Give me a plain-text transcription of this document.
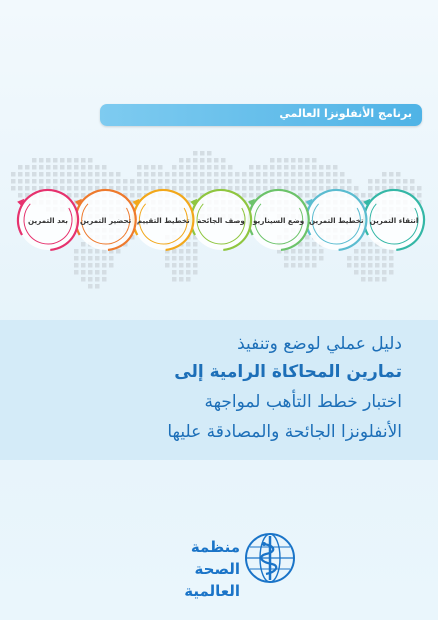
برنامج الأنفلونزا العالمي
انتقاء التمرين
تخطيط التمرين
وضع السيناريو
وصف الجائحة
تخطيط التقييم
تحضير التمرين
بعد التمرين
دليل عملي لوضع وتنفيذ
تمارين المحاكاة الرامية إلى
اختبار خطط التأهب لمواجهة
الأنفلونزا الجائحة والمصادقة عليها
منظمة
الصحة العالمية
